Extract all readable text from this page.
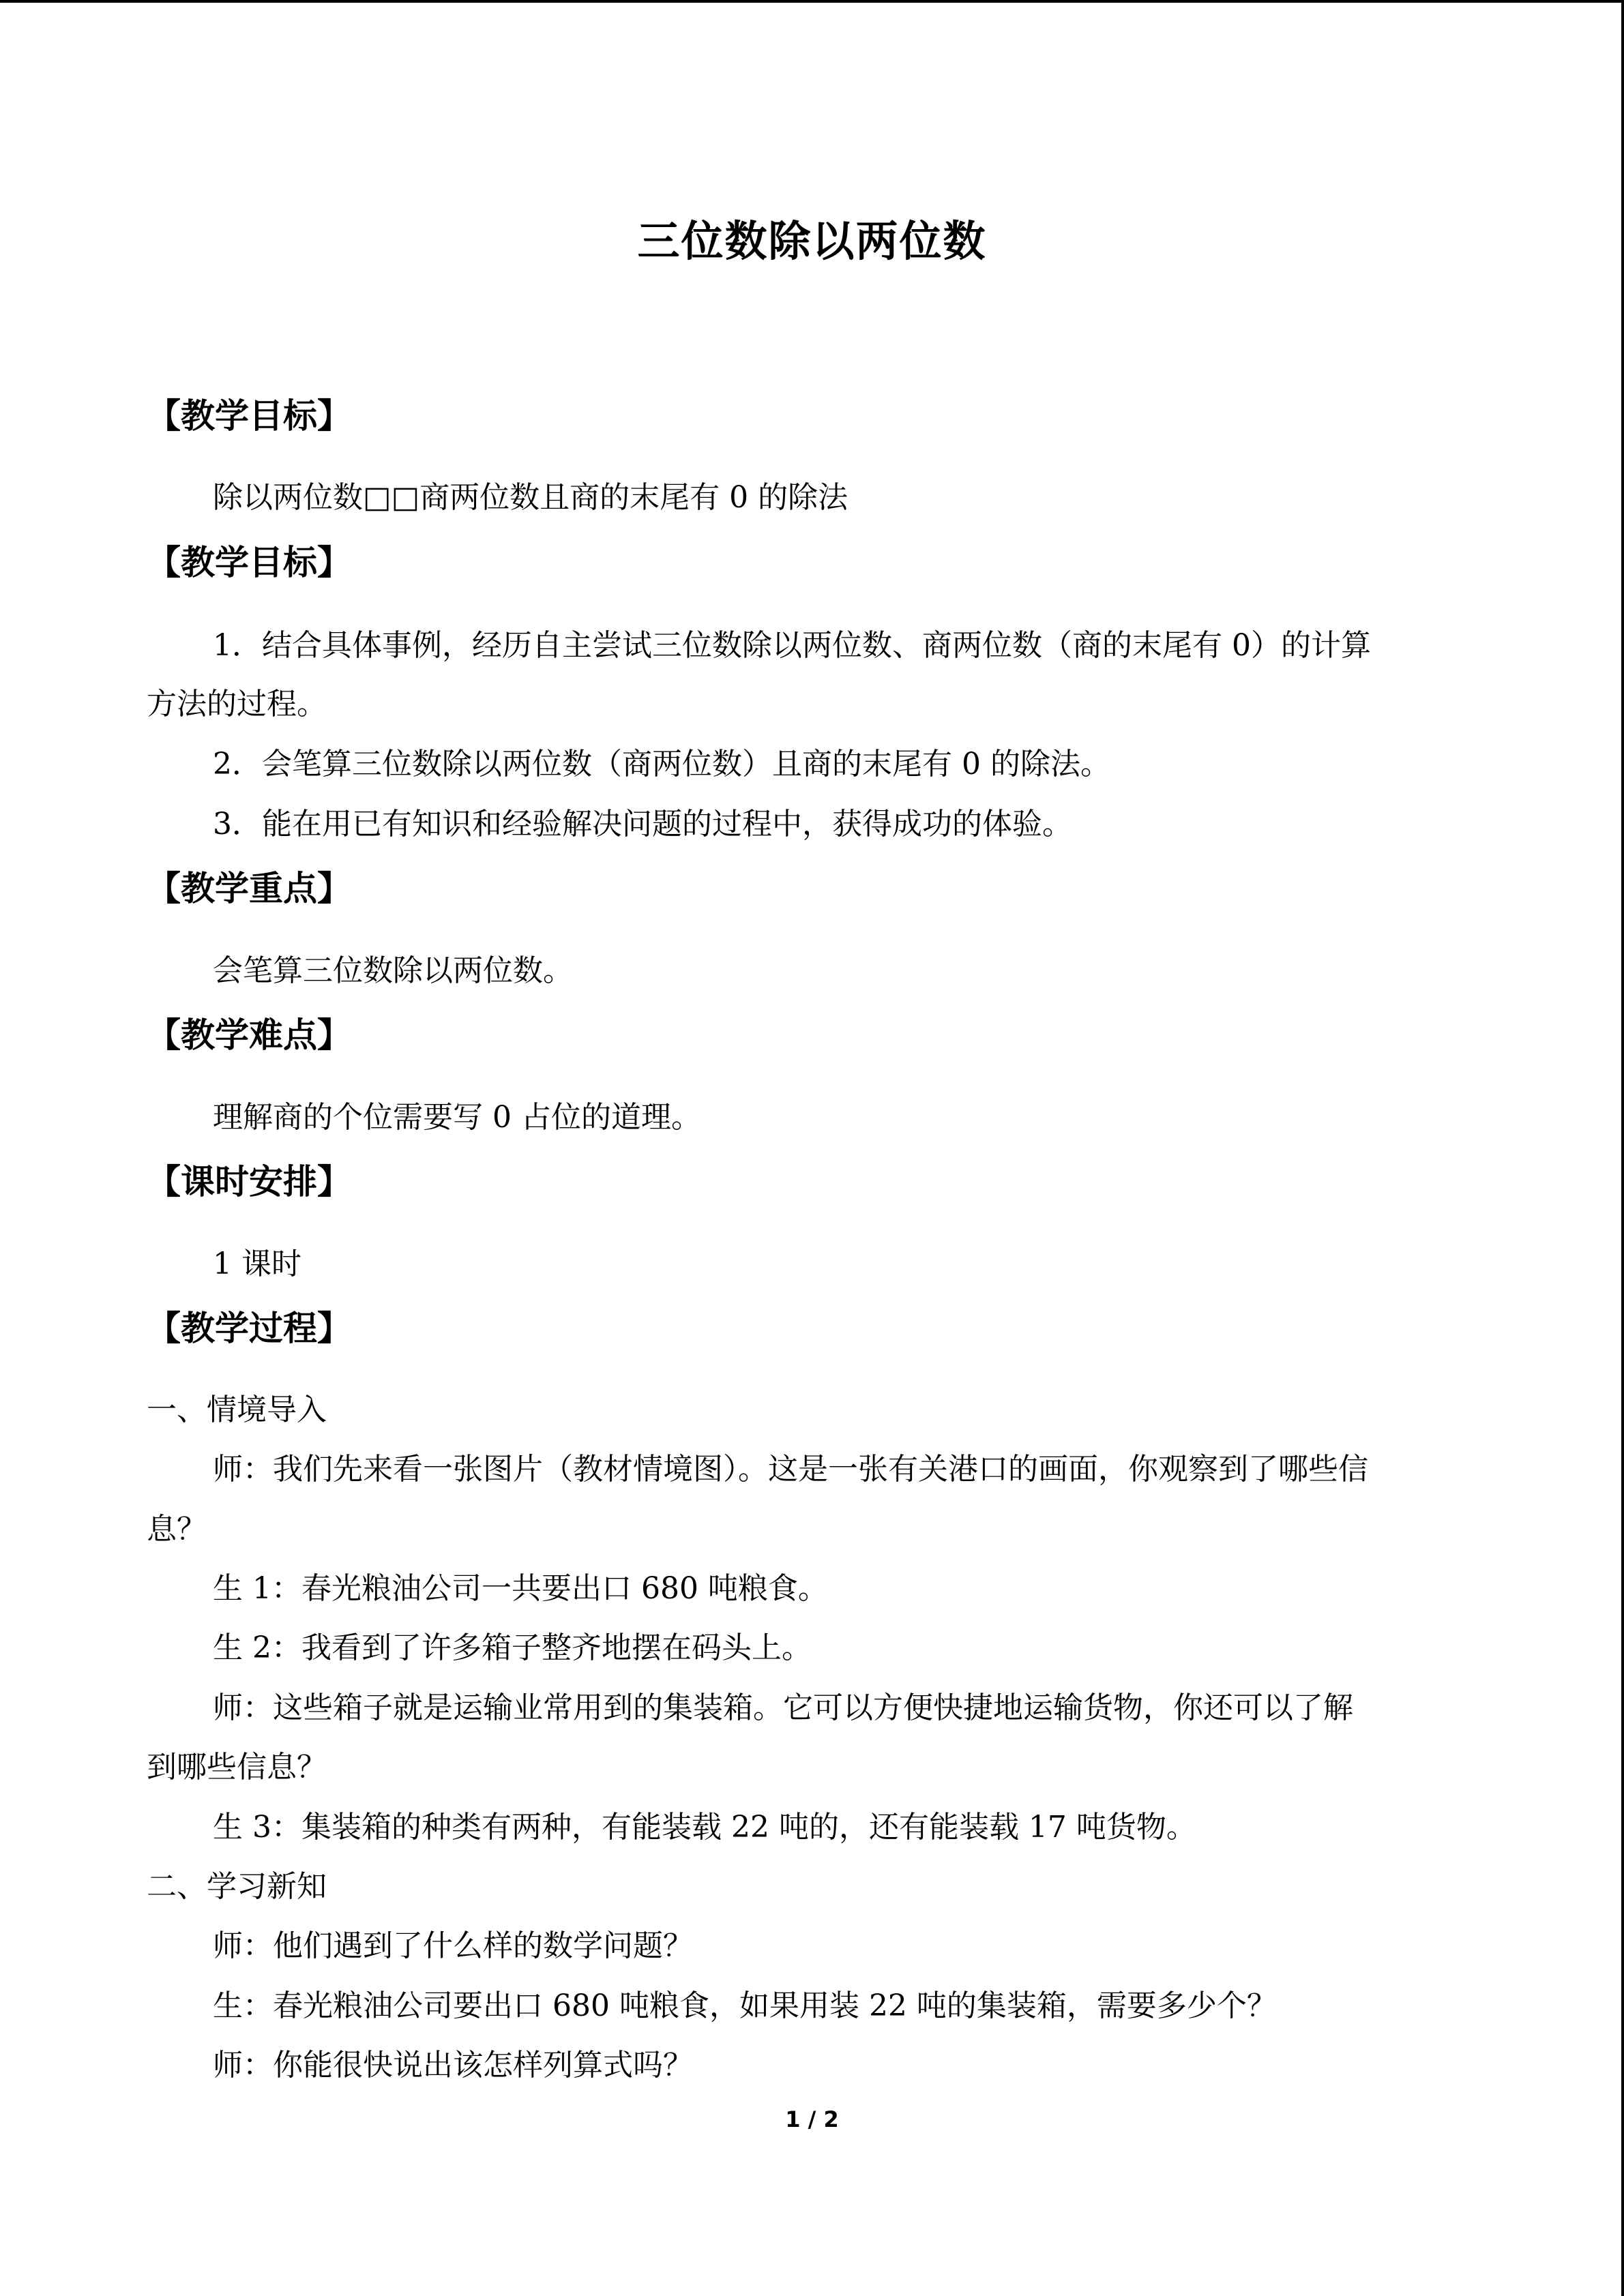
三位数除以两位数
【教学目标】
除以两位数□□商两位数且商的末尾有 0 的除法
【教学目标】
1．结合具体事例，经历自主尝试三位数除以两位数、商两位数（商的末尾有 0）的计算
方法的过程。
2．会笔算三位数除以两位数（商两位数）且商的末尾有 0 的除法。
3．能在用已有知识和经验解决问题的过程中，获得成功的体验。
【教学重点】
会笔算三位数除以两位数。
【教学难点】
理解商的个位需要写 0 占位的道理。
【课时安排】
1 课时
【教学过程】
一、情境导入
师：我们先来看一张图片（教材情境图）。这是一张有关港口的画面，你观察到了哪些信
息？
生 1：春光粮油公司一共要出口 680 吨粮食。
生 2：我看到了许多箱子整齐地摆在码头上。
师：这些箱子就是运输业常用到的集装箱。它可以方便快捷地运输货物，你还可以了解
到哪些信息？
生 3：集装箱的种类有两种，有能装载 22 吨的，还有能装载 17 吨货物。
二、学习新知
师：他们遇到了什么样的数学问题？
生：春光粮油公司要出口 680 吨粮食，如果用装 22 吨的集装箱，需要多少个？
师：你能很快说出该怎样列算式吗？
1 / 2
